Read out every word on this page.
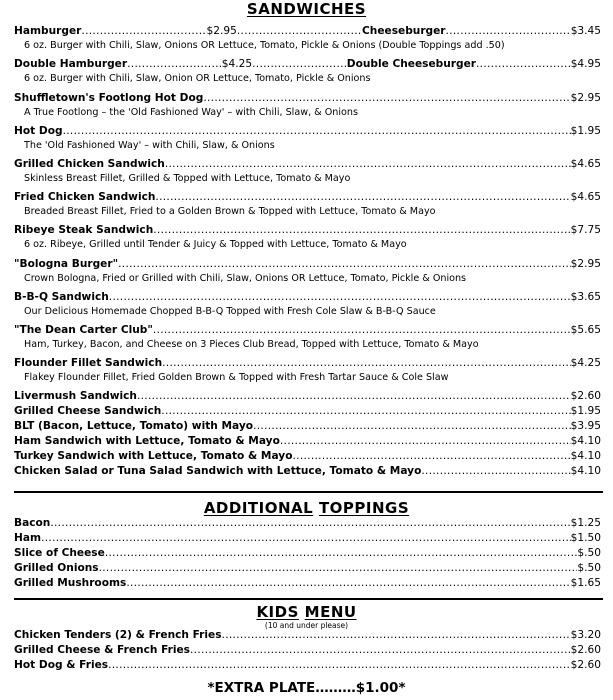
SANDWICHES
Hamburger .....	$2.95 .....	Cheeseburger .....	$3.45
6 oz. Burger with Chili, Slaw, Onions OR Lettuce, Tomato, Pickle & Onions (Double Toppings add .50)
Double Hamburger .....	$4.25 .....	Double Cheeseburger .....	$4.95
6 oz. Burger with Chili, Slaw, Onion OR Lettuce, Tomato, Pickle & Onions
Shuffletown's Footlong Hot Dog .....	$2.95
A True Footlong – the 'Old Fashioned Way' – with Chili, Slaw, & Onions
Hot Dog .....	$1.95
The 'Old Fashioned Way' – with Chili, Slaw, & Onions
Grilled Chicken Sandwich .....	$4.65
Skinless Breast Fillet, Grilled & Topped with Lettuce, Tomato & Mayo
Fried Chicken Sandwich .....	$4.65
Breaded Breast Fillet, Fried to a Golden Brown & Topped with Lettuce, Tomato & Mayo
Ribeye Steak Sandwich .....	$7.75
6 oz. Ribeye, Grilled until Tender & Juicy & Topped with Lettuce, Tomato & Mayo
"Bologna Burger" .....	$2.95
Crown Bologna, Fried or Grilled with Chili, Slaw, Onions OR Lettuce, Tomato, Pickle & Onions
B-B-Q Sandwich .....	$3.65
Our Delicious Homemade Chopped B-B-Q Topped with Fresh Cole Slaw & B-B-Q Sauce
"The Dean Carter Club" .....	$5.65
Ham, Turkey, Bacon, and Cheese on 3 Pieces Club Bread, Topped with Lettuce, Tomato & Mayo
Flounder Fillet Sandwich .....	$4.25
Flakey Flounder Fillet, Fried Golden Brown & Topped with Fresh Tartar Sauce & Cole Slaw
Livermush Sandwich .....	$2.60
Grilled Cheese Sandwich .....	$1.95
BLT (Bacon, Lettuce, Tomato) with Mayo .....	$3.95
Ham Sandwich with Lettuce, Tomato & Mayo .....	$4.10
Turkey Sandwich with Lettuce, Tomato & Mayo .....	$4.10
Chicken Salad or Tuna Salad Sandwich with Lettuce, Tomato & Mayo .....	$4.10
ADDITIONAL TOPPINGS
Bacon .....	$1.25
Ham .....	$1.50
Slice of Cheese .....	$.50
Grilled Onions .....	$.50
Grilled Mushrooms .....	$1.65
KIDS MENU
(10 and under please)
Chicken Tenders (2) & French Fries .....	$3.20
Grilled Cheese & French Fries .....	$2.60
Hot Dog & Fries .....	$2.60
*EXTRA PLATE………$1.00*
